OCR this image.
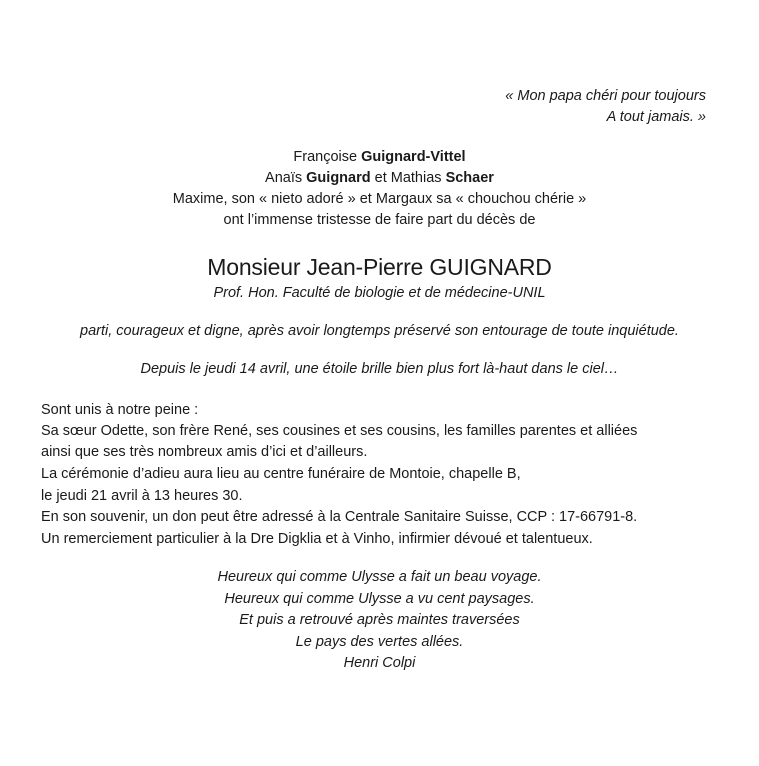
« Mon papa chéri pour toujours
A tout jamais. »
Françoise Guignard-Vittel
Anaïs Guignard et Mathias Schaer
Maxime, son « nieto adoré » et Margaux sa « chouchou chérie »
ont l’immense tristesse de faire part du décès de
Monsieur Jean-Pierre GUIGNARD
Prof. Hon. Faculté de biologie et de médecine-UNIL
parti, courageux et digne, après avoir longtemps préservé son entourage de toute inquiétude.
Depuis le jeudi 14 avril, une étoile brille bien plus fort là-haut dans le ciel…
Sont unis à notre peine :
Sa sœur Odette, son frère René, ses cousines et ses cousins, les familles parentes et alliées
ainsi que ses très nombreux amis d’ici et d’ailleurs.
La cérémonie d’adieu aura lieu au centre funéraire de Montoie, chapelle B,
le jeudi 21 avril à 13 heures 30.
En son souvenir, un don peut être adressé à la Centrale Sanitaire Suisse, CCP : 17-66791-8.
Un remerciement particulier à la Dre Digklia et à Vinho, infirmier dévoué et talentueux.
Heureux qui comme Ulysse a fait un beau voyage.
Heureux qui comme Ulysse a vu cent paysages.
Et puis a retrouvé après maintes traversées
Le pays des vertes allées.
Henri Colpi
